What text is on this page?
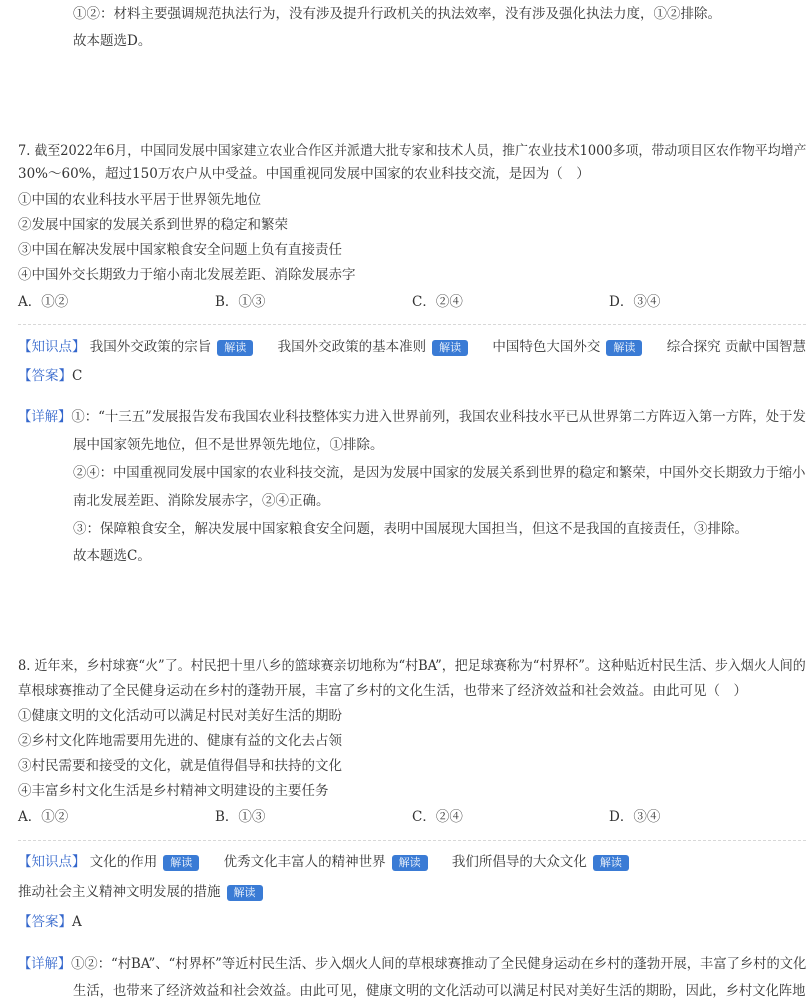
①②：材料主要强调规范执法行为，没有涉及提升行政机关的执法效率，没有涉及强化执法力度，①②排除。
故本题选D。
7. 截至2022年6月，中国同发展中国家建立农业合作区并派遣大批专家和技术人员，推广农业技术1000多项，带动项目区农作物平均增产
30%～60%，超过150万农户从中受益。中国重视同发展中国家的农业科技交流，是因为（　）
①中国的农业科技水平居于世界领先地位
②发展中国家的发展关系到世界的稳定和繁荣
③中国在解决发展中国家粮食安全问题上负有直接责任
④中国外交长期致力于缩小南北发展差距、消除发展赤字
A．①②	B．①③	C．②④	D．③④
【知识点】 我国外交政策的宗旨 解读 我国外交政策的基本准则 解读 中国特色大国外交 解读 综合探究 贡献中国智慧
【答案】C
【详解】①：“十三五”发展报告发布我国农业科技整体实力进入世界前列，我国农业科技水平已从世界第二方阵迈入第一方阵，处于发
展中国家领先地位，但不是世界领先地位，①排除。
②④：中国重视同发展中国家的农业科技交流，是因为发展中国家的发展关系到世界的稳定和繁荣，中国外交长期致力于缩小
南北发展差距、消除发展赤字，②④正确。
③：保障粮食安全，解决发展中国家粮食安全问题，表明中国展现大国担当，但这不是我国的直接责任，③排除。
故本题选C。
8. 近年来，乡村球赛“火”了。村民把十里八乡的篮球赛亲切地称为“村BA”，把足球赛称为“村界杯”。这种贴近村民生活、步入烟火人间的
草根球赛推动了全民健身运动在乡村的蓬勃开展，丰富了乡村的文化生活，也带来了经济效益和社会效益。由此可见（　）
①健康文明的文化活动可以满足村民对美好生活的期盼
②乡村文化阵地需要用先进的、健康有益的文化去占领
③村民需要和接受的文化，就是值得倡导和扶持的文化
④丰富乡村文化生活是乡村精神文明建设的主要任务
A．①②	B．①③	C．②④	D．③④
【知识点】 文化的作用 解读 优秀文化丰富人的精神世界 解读 我们所倡导的大众文化 解读
推动社会主义精神文明发展的措施 解读
【答案】A
【详解】①②：“村BA”、“村界杯”等近村民生活、步入烟火人间的草根球赛推动了全民健身运动在乡村的蓬勃开展，丰富了乡村的文化
生活，也带来了经济效益和社会效益。由此可见，健康文明的文化活动可以满足村民对美好生活的期盼，因此，乡村文化阵地
